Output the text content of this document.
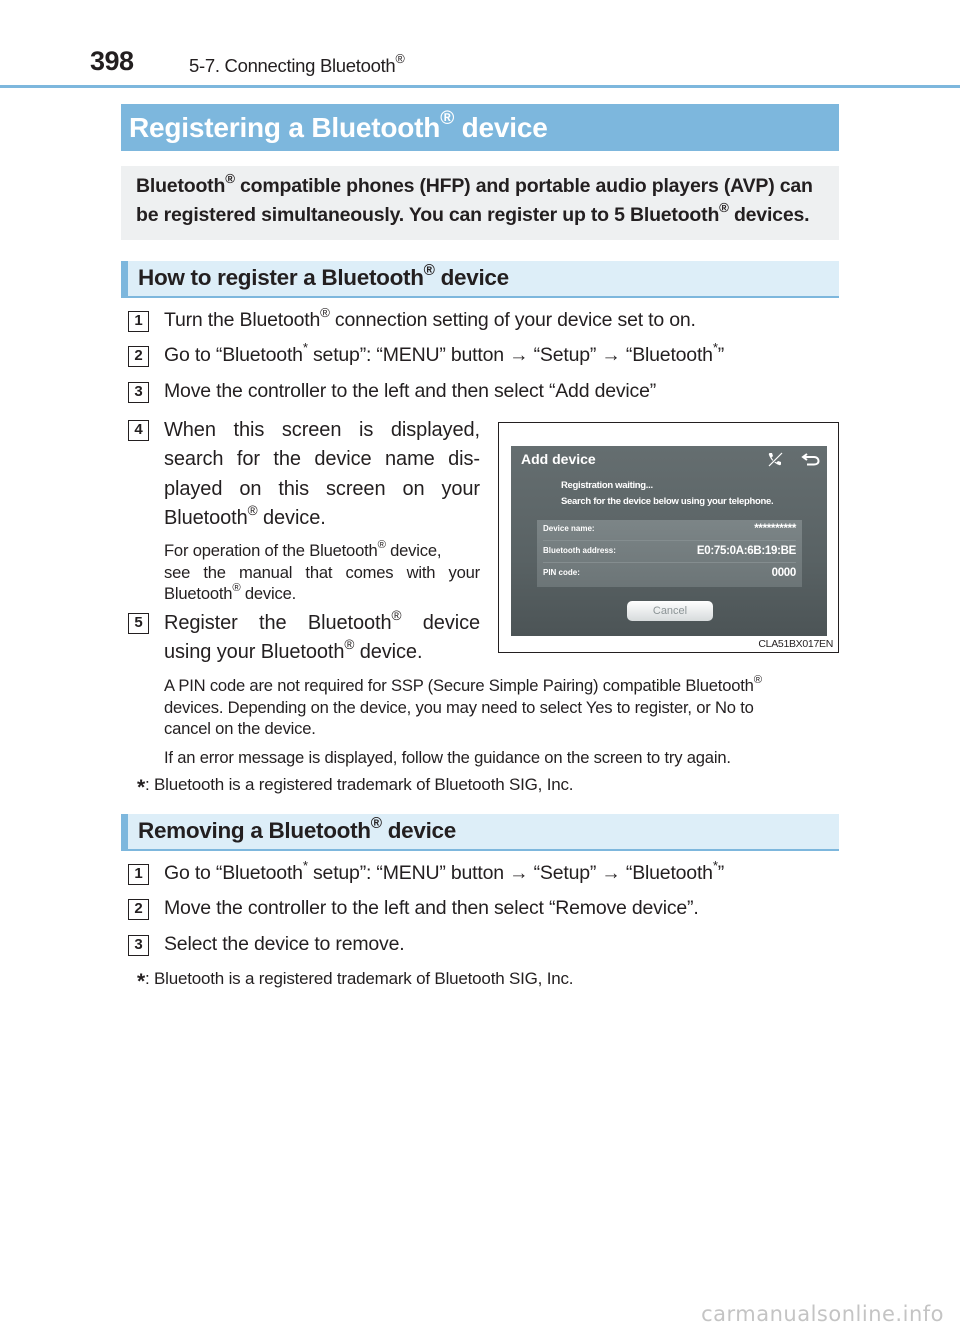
398	5-7. Connecting Bluetooth®
Registering a Bluetooth® device
Bluetooth® compatible phones (HFP) and portable audio players (AVP) can
be registered simultaneously. You can register up to 5 Bluetooth® devices.
How to register a Bluetooth® device
1	Turn the Bluetooth® connection setting of your device set to on.
2	Go to “Bluetooth* setup”: “MENU” button → “Setup” → “Bluetooth*”
3	Move the controller to the left and then select “Add device”
4	When this screen is displayed,
search for the device name dis-
played on this screen on your
Bluetooth® device.
For operation of the Bluetooth® device,
see the manual that comes with your
Bluetooth® device.
5	Register the Bluetooth® device
using your Bluetooth® device.
Add device
Registration waiting...
Search for the device below using your telephone.
Device name:	**********
Bluetooth address:	E0:75:0A:6B:19:BE
PIN code:	0000
Cancel
CLA51BX017EN
A PIN code are not required for SSP (Secure Simple Pairing) compatible Bluetooth®
devices. Depending on the device, you may need to select Yes to register, or No to
cancel on the device.
If an error message is displayed, follow the guidance on the screen to try again.
*: Bluetooth is a registered trademark of Bluetooth SIG, Inc.
Removing a Bluetooth® device
1	Go to “Bluetooth* setup”: “MENU” button → “Setup” → “Bluetooth*”
2	Move the controller to the left and then select “Remove device”.
3	Select the device to remove.
*: Bluetooth is a registered trademark of Bluetooth SIG, Inc.
carmanualsonline.info
